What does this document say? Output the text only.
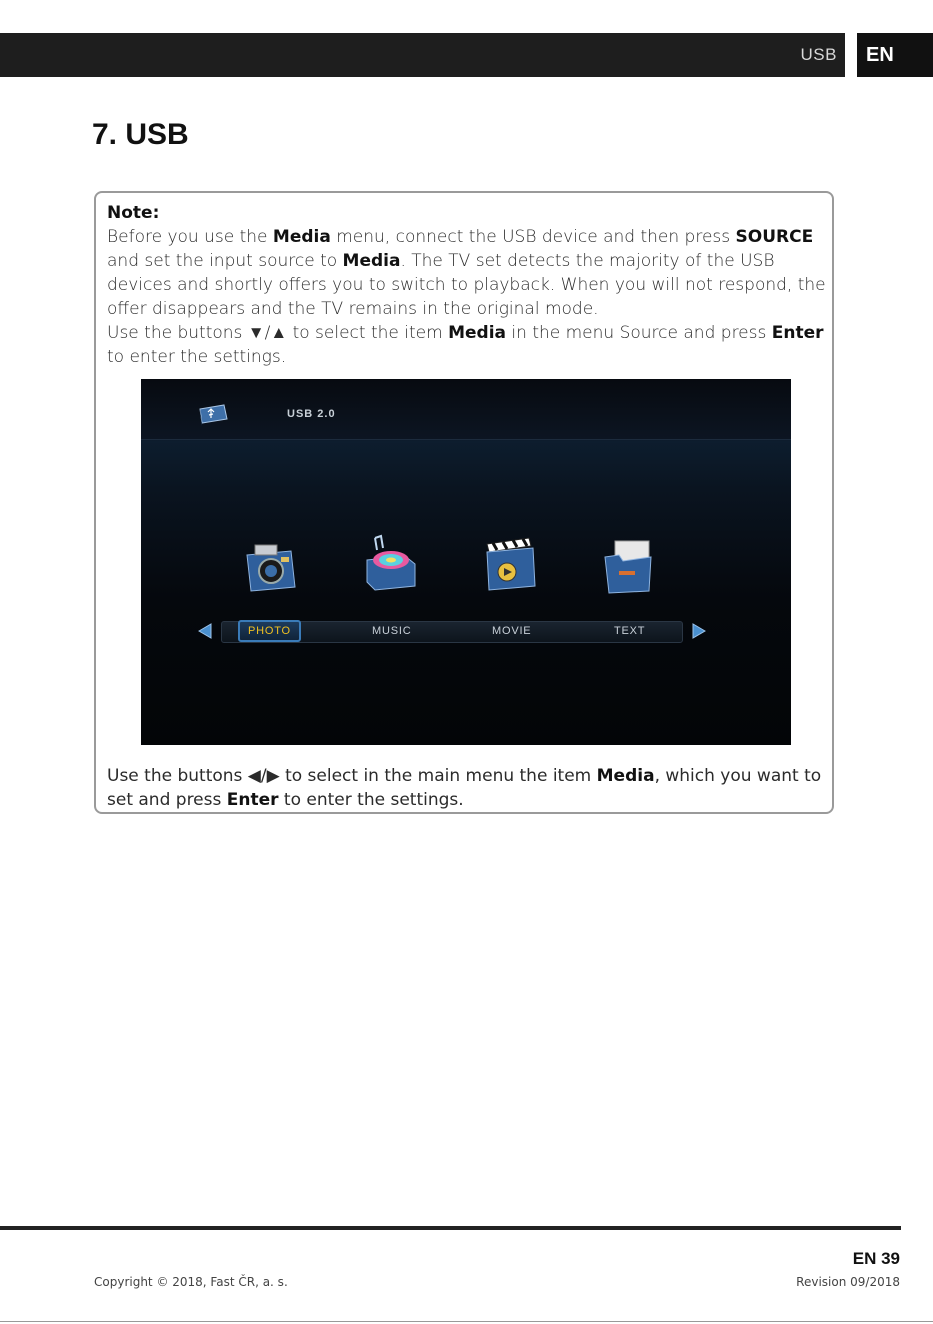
USB EN
7. USB
Note:
Before you use the Media menu, connect the USB device and then press SOURCE and set the input source to Media. The TV set detects the majority of the USB devices and shortly offers you to switch to playback. When you will not respond, the offer disappears and the TV remains in the original mode.
Use the buttons ▼/▲ to select the item Media in the menu Source and press Enter to enter the settings.
USB 2.0
PHOTO	MUSIC	MOVIE	TEXT
Use the buttons ◀/▶ to select in the main menu the item Media, which you want to set and press Enter to enter the settings.
EN 39
Copyright © 2018, Fast ČR, a. s.	Revision 09/2018
